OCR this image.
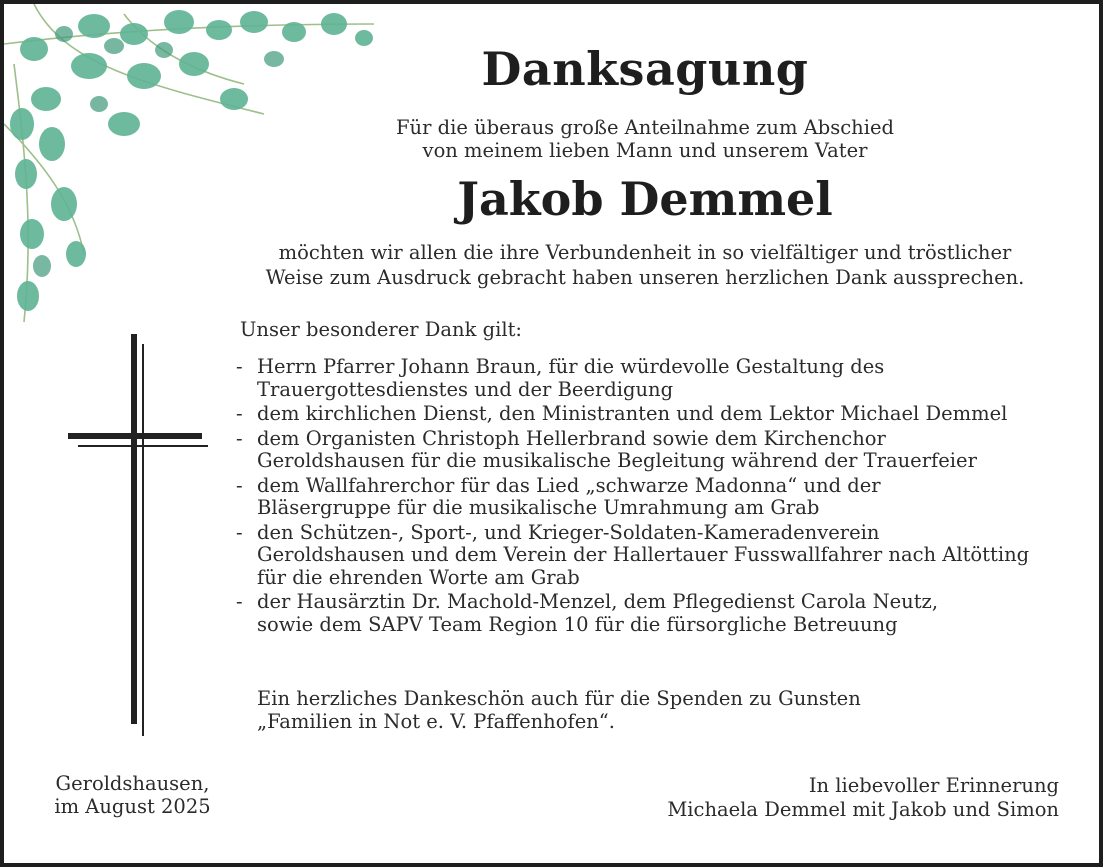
Danksagung
Für die überaus große Anteilnahme zum Abschied
von meinem lieben Mann und unserem Vater
Jakob Demmel
möchten wir allen die ihre Verbundenheit in so vielfältiger und tröstlicher
Weise zum Ausdruck gebracht haben unseren herzlichen Dank aussprechen.
Unser besonderer Dank gilt:
- Herrn Pfarrer Johann Braun, für die würdevolle Gestaltung des
Trauergottesdienstes und der Beerdigung
- dem kirchlichen Dienst, den Ministranten und dem Lektor Michael Demmel
- dem Organisten Christoph Hellerbrand sowie dem Kirchenchor
Geroldshausen für die musikalische Begleitung während der Trauerfeier
- dem Wallfahrerchor für das Lied „schwarze Madonna“ und der
Bläsergruppe für die musikalische Umrahmung am Grab
- den Schützen-, Sport-, und Krieger-Soldaten-Kameradenverein
Geroldshausen und dem Verein der Hallertauer Fusswallfahrer nach Altötting
für die ehrenden Worte am Grab
- der Hausärztin Dr. Machold-Menzel, dem Pflegedienst Carola Neutz,
sowie dem SAPV Team Region 10 für die fürsorgliche Betreuung
Ein herzliches Dankeschön auch für die Spenden zu Gunsten
„Familien in Not e. V. Pfaffenhofen“.
Geroldshausen,
im August 2025
In liebevoller Erinnerung
Michaela Demmel mit Jakob und Simon
